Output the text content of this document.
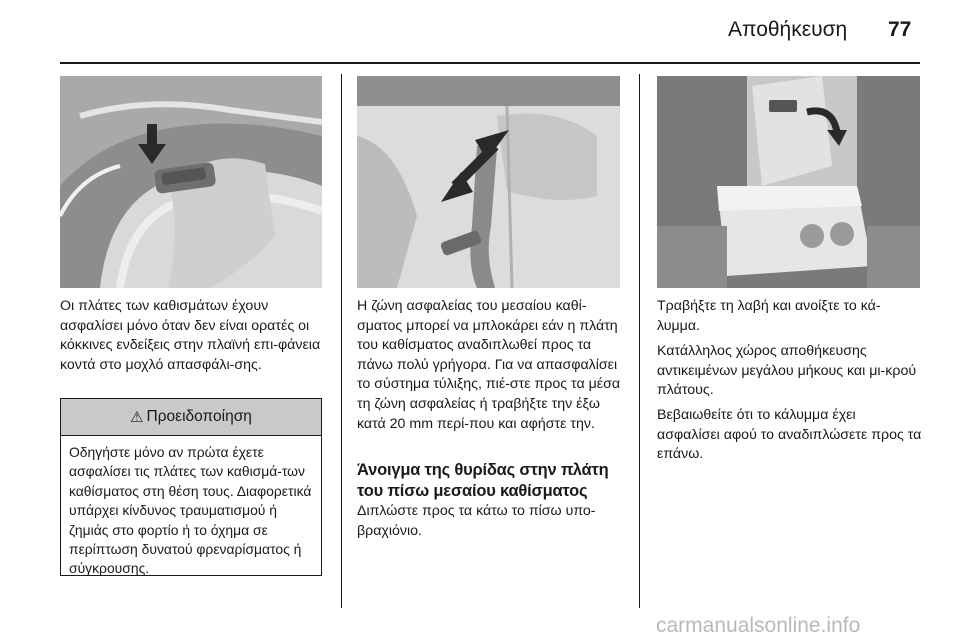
Αποθήκευση 77

Οι πλάτες των καθισμάτων έχουν ασφαλίσει μόνο όταν δεν είναι ορατές οι κόκκινες ενδείξεις στην πλαϊνή επι-φάνεια κοντά στο μοχλό απασφάλι-σης.

⚠ Προειδοποίηση

Οδηγήστε μόνο αν πρώτα έχετε ασφαλίσει τις πλάτες των καθισμά-των καθίσματος στη θέση τους. Διαφορετικά υπάρχει κίνδυνος τραυματισμού ή ζημιάς στο φορτίο ή το όχημα σε περίπτωση δυνατού φρεναρίσματος ή σύγκρουσης.

Η ζώνη ασφαλείας του μεσαίου καθί-σματος μπορεί να μπλοκάρει εάν η πλάτη του καθίσματος αναδιπλωθεί προς τα πάνω πολύ γρήγορα. Για να απασφαλίσει το σύστημα τύλιξης, πιέ-στε προς τα μέσα τη ζώνη ασφαλείας ή τραβήξτε την έξω κατά 20 mm περί-που και αφήστε την.

Άνοιγμα της θυρίδας στην πλάτη του πίσω μεσαίου καθίσματος

Διπλώστε προς τα κάτω το πίσω υπο-βραχιόνιο.

Τραβήξτε τη λαβή και ανοίξτε το κά-λυμμα.

Κατάλληλος χώρος αποθήκευσης αντικειμένων μεγάλου μήκους και μι-κρού πλάτους.

Βεβαιωθείτε ότι το κάλυμμα έχει ασφαλίσει αφού το αναδιπλώσετε προς τα επάνω.

carmanualsonline.info
